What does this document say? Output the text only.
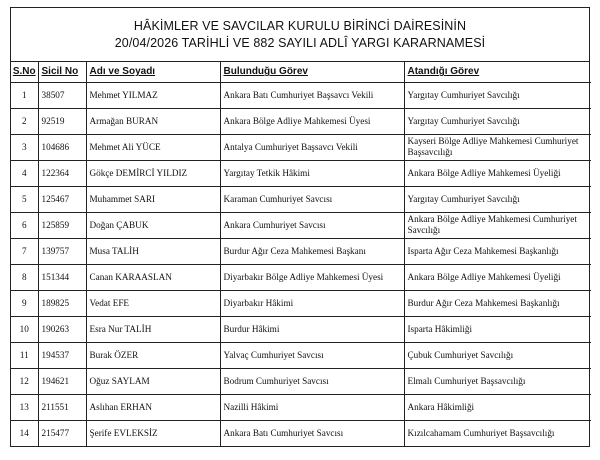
HÂKİMLER VE SAVCILAR KURULU BİRİNCİ DAİRESİNİN
20/04/2026 TARİHLİ VE 882 SAYILI ADLÎ YARGI KARARNAMESİ
S.No	Sicil No	Adı ve Soyadı	Bulunduğu Görev	Atandığı Görev
1	38507	Mehmet YILMAZ	Ankara Batı Cumhuriyet Başsavcı Vekili	Yargıtay Cumhuriyet Savcılığı
2	92519	Armağan BURAN	Ankara Bölge Adliye Mahkemesi Üyesi	Yargıtay Cumhuriyet Savcılığı
3	104686	Mehmet Ali YÜCE	Antalya Cumhuriyet Başsavcı Vekili	Kayseri Bölge Adliye Mahkemesi Cumhuriyet Başsavcılığı
4	122364	Gökçe DEMİRCİ YILDIZ	Yargıtay Tetkik Hâkimi	Ankara Bölge Adliye Mahkemesi Üyeliği
5	125467	Muhammet SARI	Karaman Cumhuriyet Savcısı	Yargıtay Cumhuriyet Savcılığı
6	125859	Doğan ÇABUK	Ankara Cumhuriyet Savcısı	Ankara Bölge Adliye Mahkemesi Cumhuriyet Savcılığı
7	139757	Musa TALİH	Burdur Ağır Ceza Mahkemesi Başkanı	Isparta Ağır Ceza Mahkemesi Başkanlığı
8	151344	Canan KARAASLAN	Diyarbakır Bölge Adliye Mahkemesi Üyesi	Ankara Bölge Adliye Mahkemesi Üyeliği
9	189825	Vedat EFE	Diyarbakır Hâkimi	Burdur Ağır Ceza Mahkemesi Başkanlığı
10	190263	Esra Nur TALİH	Burdur Hâkimi	Isparta Hâkimliği
11	194537	Burak ÖZER	Yalvaç Cumhuriyet Savcısı	Çubuk Cumhuriyet Savcılığı
12	194621	Oğuz SAYLAM	Bodrum Cumhuriyet Savcısı	Elmalı Cumhuriyet Başsavcılığı
13	211551	Aslıhan ERHAN	Nazilli Hâkimi	Ankara Hâkimliği
14	215477	Şerife EVLEKSİZ	Ankara Batı Cumhuriyet Savcısı	Kızılcahamam Cumhuriyet Başsavcılığı
